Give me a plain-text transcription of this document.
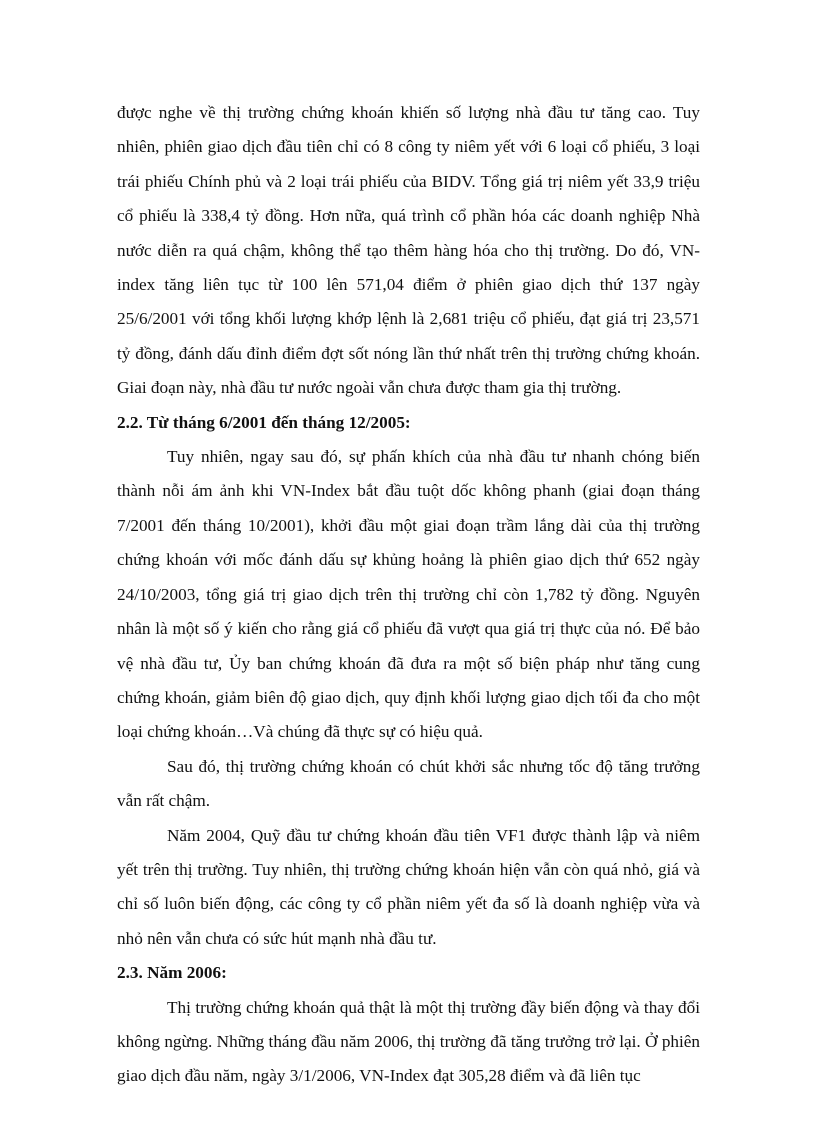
được nghe về thị trường chứng khoán khiến số lượng nhà đầu tư tăng cao. Tuy nhiên, phiên giao dịch đầu tiên chỉ có 8 công ty niêm yết với 6 loại cổ phiếu, 3 loại trái phiếu Chính phủ và 2 loại trái phiếu của BIDV. Tổng giá trị niêm yết 33,9 triệu cổ phiếu là 338,4 tỷ đồng. Hơn nữa, quá trình cổ phần hóa các doanh nghiệp Nhà nước diễn ra quá chậm, không thể tạo thêm hàng hóa cho thị trường. Do đó, VN-index tăng liên tục từ 100 lên 571,04 điểm ở phiên giao dịch thứ 137 ngày 25/6/2001 với tổng khối lượng khớp lệnh là 2,681 triệu cổ phiếu, đạt giá trị 23,571 tỷ đồng, đánh dấu đỉnh điểm đợt sốt nóng lần thứ nhất trên thị trường chứng khoán. Giai đoạn này, nhà đầu tư nước ngoài vẫn chưa được tham gia thị trường.

2.2. Từ tháng 6/2001 đến tháng 12/2005:

Tuy nhiên, ngay sau đó, sự phấn khích của nhà đầu tư nhanh chóng biến thành nỗi ám ảnh khi VN-Index bắt đầu tuột dốc không phanh (giai đoạn tháng 7/2001 đến tháng 10/2001), khởi đầu một giai đoạn trầm lắng dài của thị trường chứng khoán với mốc đánh dấu sự khủng hoảng là phiên giao dịch thứ 652 ngày 24/10/2003, tổng giá trị giao dịch trên thị trường chỉ còn 1,782 tỷ đồng. Nguyên nhân là một số ý kiến cho rằng giá cổ phiếu đã vượt qua giá trị thực của nó. Để bảo vệ nhà đầu tư, Ủy ban chứng khoán đã đưa ra một số biện pháp như tăng cung chứng khoán, giảm biên độ giao dịch, quy định khối lượng giao dịch tối đa cho một loại chứng khoán…Và chúng đã thực sự có hiệu quả.

Sau đó, thị trường chứng khoán có chút khởi sắc nhưng tốc độ tăng trưởng vẫn rất chậm.

Năm 2004, Quỹ đầu tư chứng khoán đầu tiên VF1 được thành lập và niêm yết trên thị trường. Tuy nhiên, thị trường chứng khoán hiện vẫn còn quá nhỏ, giá và chỉ số luôn biến động, các công ty cổ phần niêm yết đa số là doanh nghiệp vừa và nhỏ nên vẫn chưa có sức hút mạnh nhà đầu tư.

2.3. Năm 2006:

Thị trường chứng khoán quả thật là một thị trường đầy biến động và thay đổi không ngừng. Những tháng đầu năm 2006, thị trường đã tăng trưởng trở lại. Ở phiên giao dịch đầu năm, ngày 3/1/2006, VN-Index đạt 305,28 điểm và đã liên tục
